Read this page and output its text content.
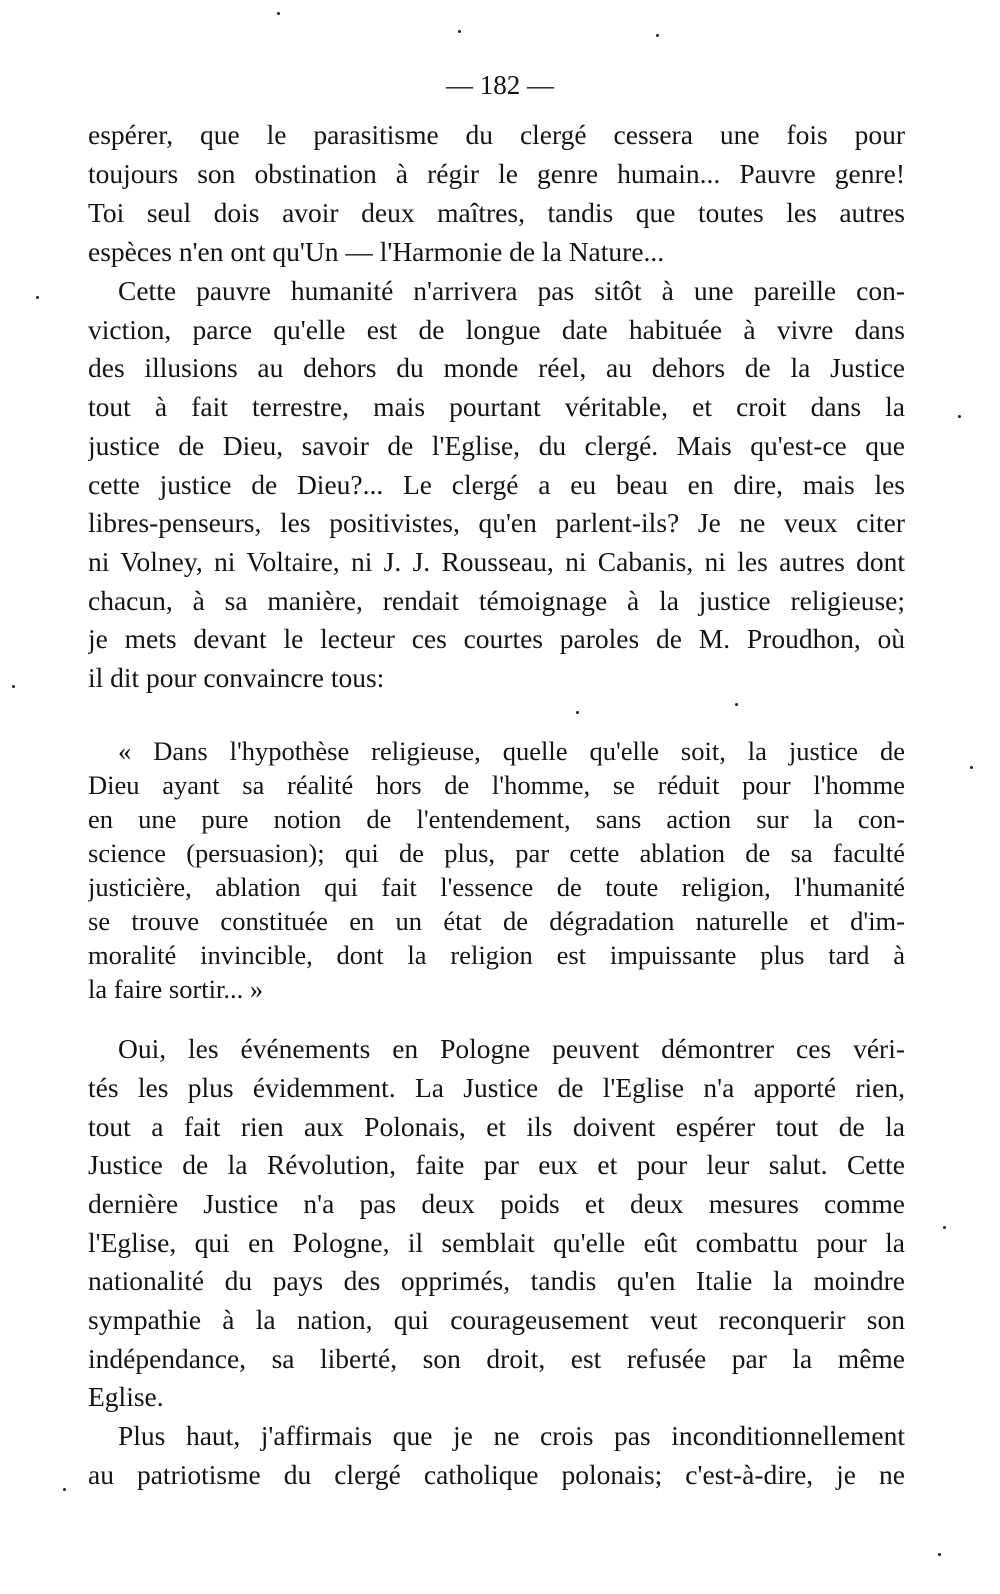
— 182 —
espérer, que le parasitisme du clergé cessera une fois pour
toujours son obstination à régir le genre humain... Pauvre genre!
Toi seul dois avoir deux maîtres, tandis que toutes les autres
espèces n'en ont qu'Un — l'Harmonie de la Nature...
Cette pauvre humanité n'arrivera pas sitôt à une pareille con-
viction, parce qu'elle est de longue date habituée à vivre dans
des illusions au dehors du monde réel, au dehors de la Justice
tout à fait terrestre, mais pourtant véritable, et croit dans la
justice de Dieu, savoir de l'Eglise, du clergé. Mais qu'est-ce que
cette justice de Dieu?... Le clergé a eu beau en dire, mais les
libres-penseurs, les positivistes, qu'en parlent-ils? Je ne veux citer
ni Volney, ni Voltaire, ni J. J. Rousseau, ni Cabanis, ni les autres dont
chacun, à sa manière, rendait témoignage à la justice religieuse;
je mets devant le lecteur ces courtes paroles de M. Proudhon, où
il dit pour convaincre tous:
« Dans l'hypothèse religieuse, quelle qu'elle soit, la justice de
Dieu ayant sa réalité hors de l'homme, se réduit pour l'homme
en une pure notion de l'entendement, sans action sur la con-
science (persuasion); qui de plus, par cette ablation de sa faculté
justicière, ablation qui fait l'essence de toute religion, l'humanité
se trouve constituée en un état de dégradation naturelle et d'im-
moralité invincible, dont la religion est impuissante plus tard à
la faire sortir... »
Oui, les événements en Pologne peuvent démontrer ces véri-
tés les plus évidemment. La Justice de l'Eglise n'a apporté rien,
tout a fait rien aux Polonais, et ils doivent espérer tout de la
Justice de la Révolution, faite par eux et pour leur salut. Cette
dernière Justice n'a pas deux poids et deux mesures comme
l'Eglise, qui en Pologne, il semblait qu'elle eût combattu pour la
nationalité du pays des opprimés, tandis qu'en Italie la moindre
sympathie à la nation, qui courageusement veut reconquerir son
indépendance, sa liberté, son droit, est refusée par la même
Eglise.
Plus haut, j'affirmais que je ne crois pas inconditionnellement
au patriotisme du clergé catholique polonais; c'est-à-dire, je ne
